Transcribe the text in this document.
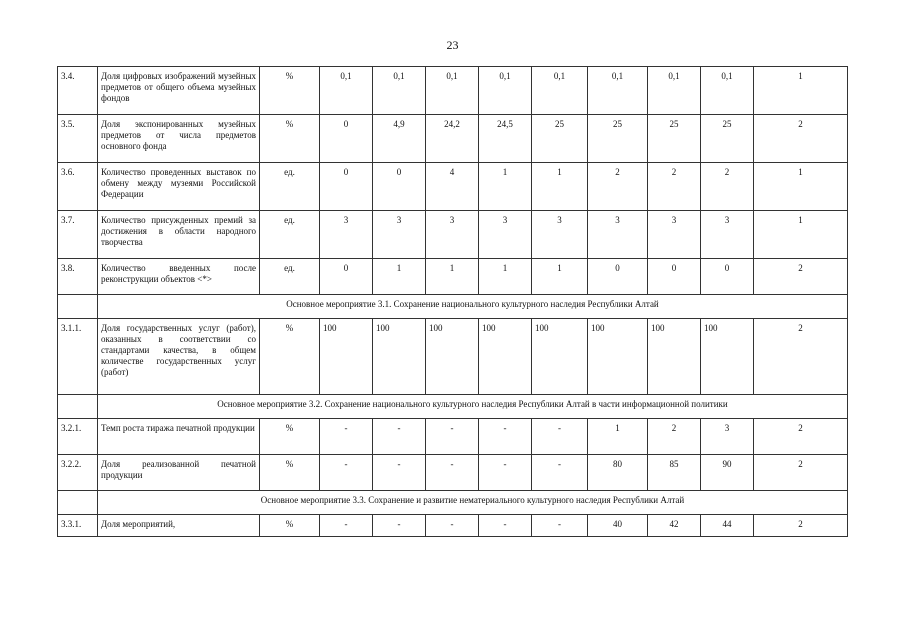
23
3.4.	Доля цифровых изображений музейных предметов от общего объема музейных фондов	%	0,1	0,1	0,1	0,1	0,1	0,1	0,1	0,1	1
3.5.	Доля экспонированных музейных предметов от числа предметов основного фонда	%	0	4,9	24,2	24,5	25	25	25	25	2
3.6.	Количество проведенных выставок по обмену между музеями Российской Федерации	ед.	0	0	4	1	1	2	2	2	1
3.7.	Количество присужденных премий за достижения в области народного творчества	ед.	3	3	3	3	3	3	3	3	1
3.8.	Количество введенных после реконструкции объектов <*>	ед.	0	1	1	1	1	0	0	0	2
	Основное мероприятие 3.1. Сохранение национального культурного наследия Республики Алтай										
3.1.1.	Доля государственных услуг (работ), оказанных в соответствии со стандартами качества, в общем количестве государственных услуг (работ)	%	100	100	100	100	100	100	100	100	2
	Основное мероприятие 3.2. Сохранение национального культурного наследия Республики Алтай в части информационной политики										
3.2.1.	Темп роста тиража печатной продукции	%	-	-	-	-	-	1	2	3	2
3.2.2.	Доля реализованной печатной продукции	%	-	-	-	-	-	80	85	90	2
	Основное мероприятие 3.3. Сохранение и развитие нематериального культурного наследия Республики Алтай										
3.3.1.	Доля мероприятий,	%	-	-	-	-	-	40	42	44	2
